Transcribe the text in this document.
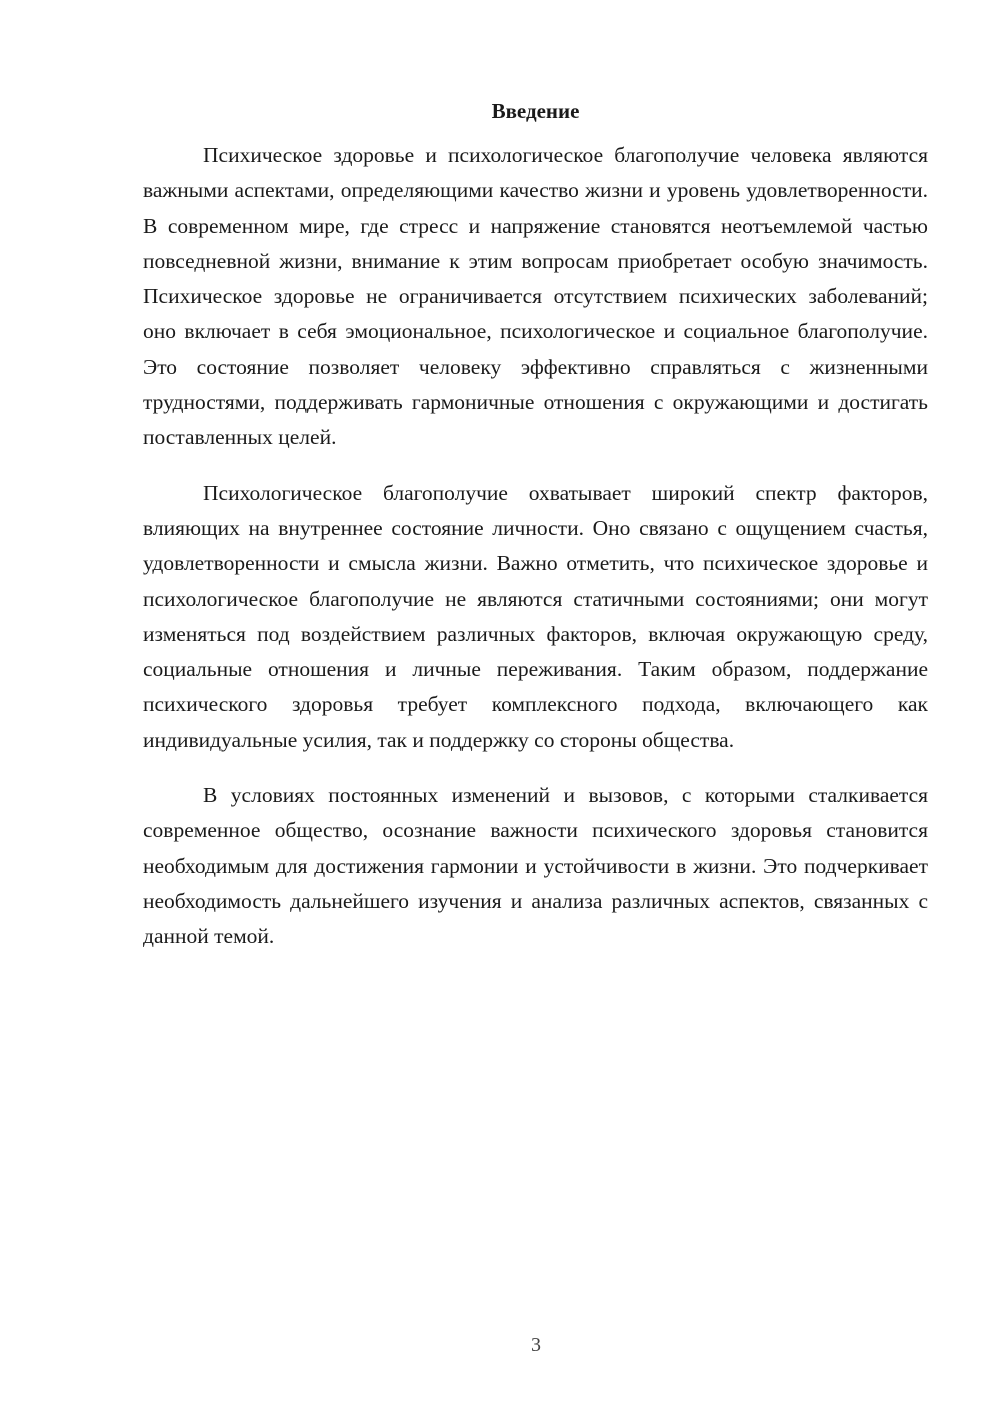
Введение

Психическое здоровье и психологическое благополучие человека являются важными аспектами, определяющими качество жизни и уровень удовлетворенности. В современном мире, где стресс и напряжение становятся неотъемлемой частью повседневной жизни, внимание к этим вопросам приобретает особую значимость. Психическое здоровье не ограничивается отсутствием психических заболеваний; оно включает в себя эмоциональное, психологическое и социальное благополучие. Это состояние позволяет человеку эффективно справляться с жизненными трудностями, поддерживать гармоничные отношения с окружающими и достигать поставленных целей.

Психологическое благополучие охватывает широкий спектр факторов, влияющих на внутреннее состояние личности. Оно связано с ощущением счастья, удовлетворенности и смысла жизни. Важно отметить, что психическое здоровье и психологическое благополучие не являются статичными состояниями; они могут изменяться под воздействием различных факторов, включая окружающую среду, социальные отношения и личные переживания. Таким образом, поддержание психического здоровья требует комплексного подхода, включающего как индивидуальные усилия, так и поддержку со стороны общества.

В условиях постоянных изменений и вызовов, с которыми сталкивается современное общество, осознание важности психического здоровья становится необходимым для достижения гармонии и устойчивости в жизни. Это подчеркивает необходимость дальнейшего изучения и анализа различных аспектов, связанных с данной темой.

3
